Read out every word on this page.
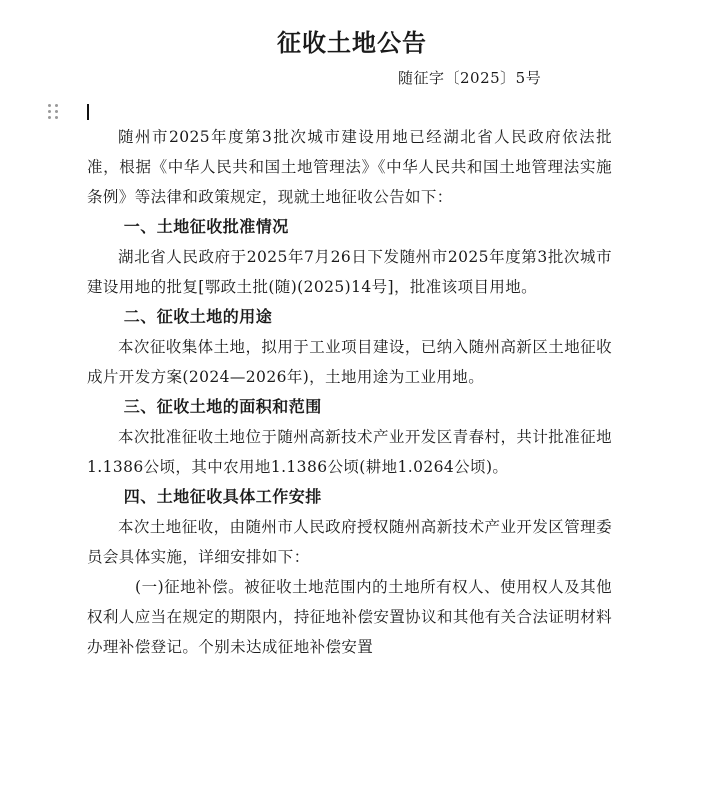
征收土地公告
随征字〔2025〕5号

随州市2025年度第3批次城市建设用地已经湖北省人民政府依法批准，根据《中华人民共和国土地管理法》《中华人民共和国土地管理法实施条例》等法律和政策规定，现就土地征收公告如下：

一、土地征收批准情况

湖北省人民政府于2025年7月26日下发随州市2025年度第3批次城市建设用地的批复[鄂政土批(随)(2025)14号]，批准该项目用地。

二、征收土地的用途

本次征收集体土地，拟用于工业项目建设，已纳入随州高新区土地征收成片开发方案(2024—2026年)，土地用途为工业用地。

三、征收土地的面积和范围

本次批准征收土地位于随州高新技术产业开发区青春村，共计批准征地1.1386公顷，其中农用地1.1386公顷(耕地1.0264公顷)。

四、土地征收具体工作安排

本次土地征收，由随州市人民政府授权随州高新技术产业开发区管理委员会具体实施，详细安排如下：

(一)征地补偿。被征收土地范围内的土地所有权人、使用权人及其他权利人应当在规定的期限内，持征地补偿安置协议和其他有关合法证明材料办理补偿登记。个别未达成征地补偿安置
